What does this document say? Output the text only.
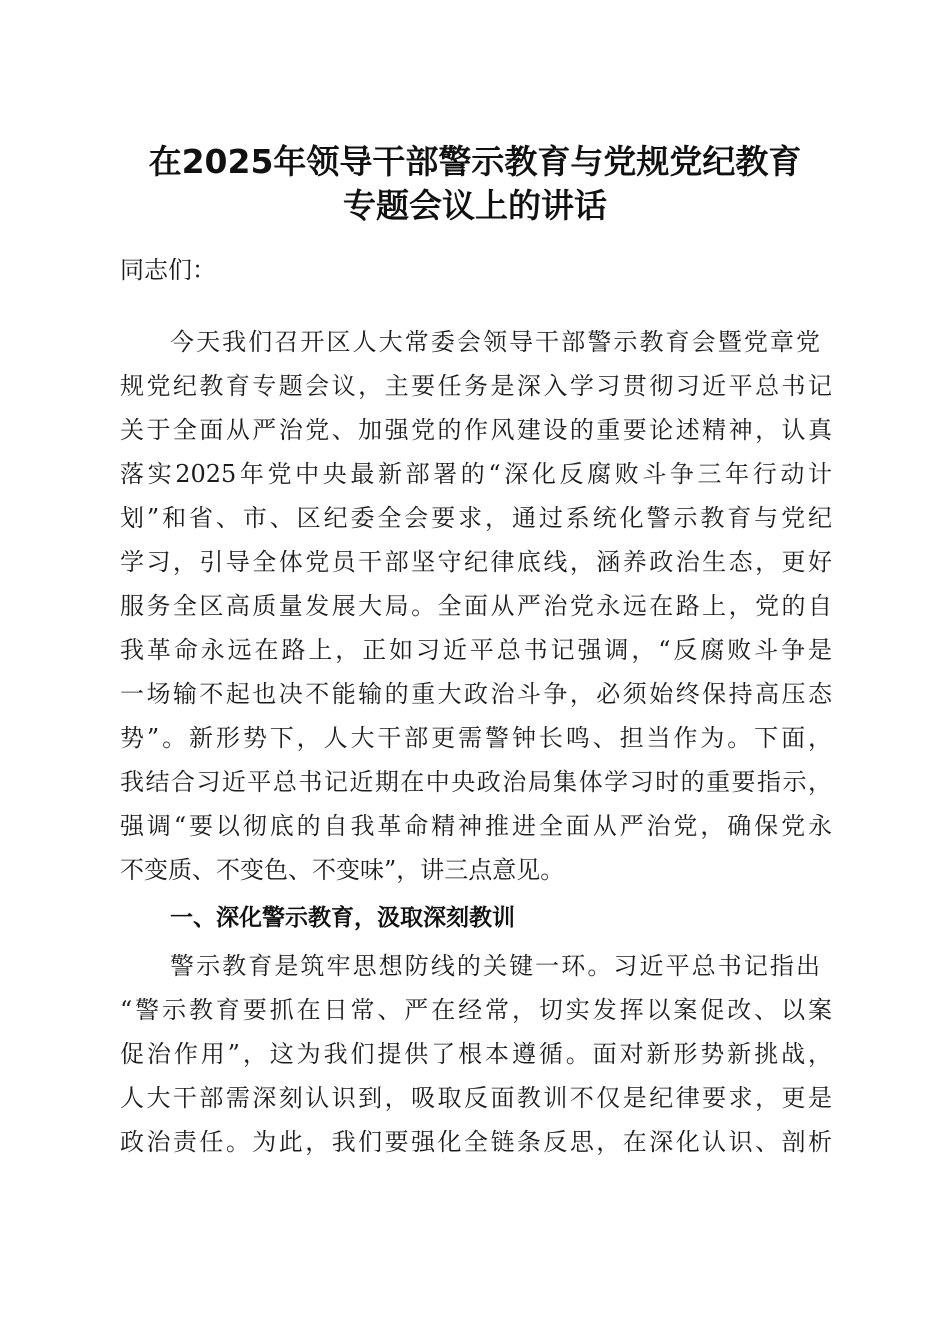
在2025年领导干部警示教育与党规党纪教育
专题会议上的讲话
同志们：
今天我们召开区人大常委会领导干部警示教育会暨党章党
规党纪教育专题会议，主要任务是深入学习贯彻习近平总书记
关于全面从严治党、加强党的作风建设的重要论述精神，认真
落实2025年党中央最新部署的“深化反腐败斗争三年行动计
划”和省、市、区纪委全会要求，通过系统化警示教育与党纪
学习，引导全体党员干部坚守纪律底线，涵养政治生态，更好
服务全区高质量发展大局。全面从严治党永远在路上，党的自
我革命永远在路上，正如习近平总书记强调，“反腐败斗争是
一场输不起也决不能输的重大政治斗争，必须始终保持高压态
势”。新形势下，人大干部更需警钟长鸣、担当作为。下面，
我结合习近平总书记近期在中央政治局集体学习时的重要指示，
强调“要以彻底的自我革命精神推进全面从严治党，确保党永
不变质、不变色、不变味”，讲三点意见。
一、深化警示教育，汲取深刻教训
警示教育是筑牢思想防线的关键一环。习近平总书记指出
“警示教育要抓在日常、严在经常，切实发挥以案促改、以案
促治作用”，这为我们提供了根本遵循。面对新形势新挑战，
人大干部需深刻认识到，吸取反面教训不仅是纪律要求，更是
政治责任。为此，我们要强化全链条反思，在深化认识、剖析
